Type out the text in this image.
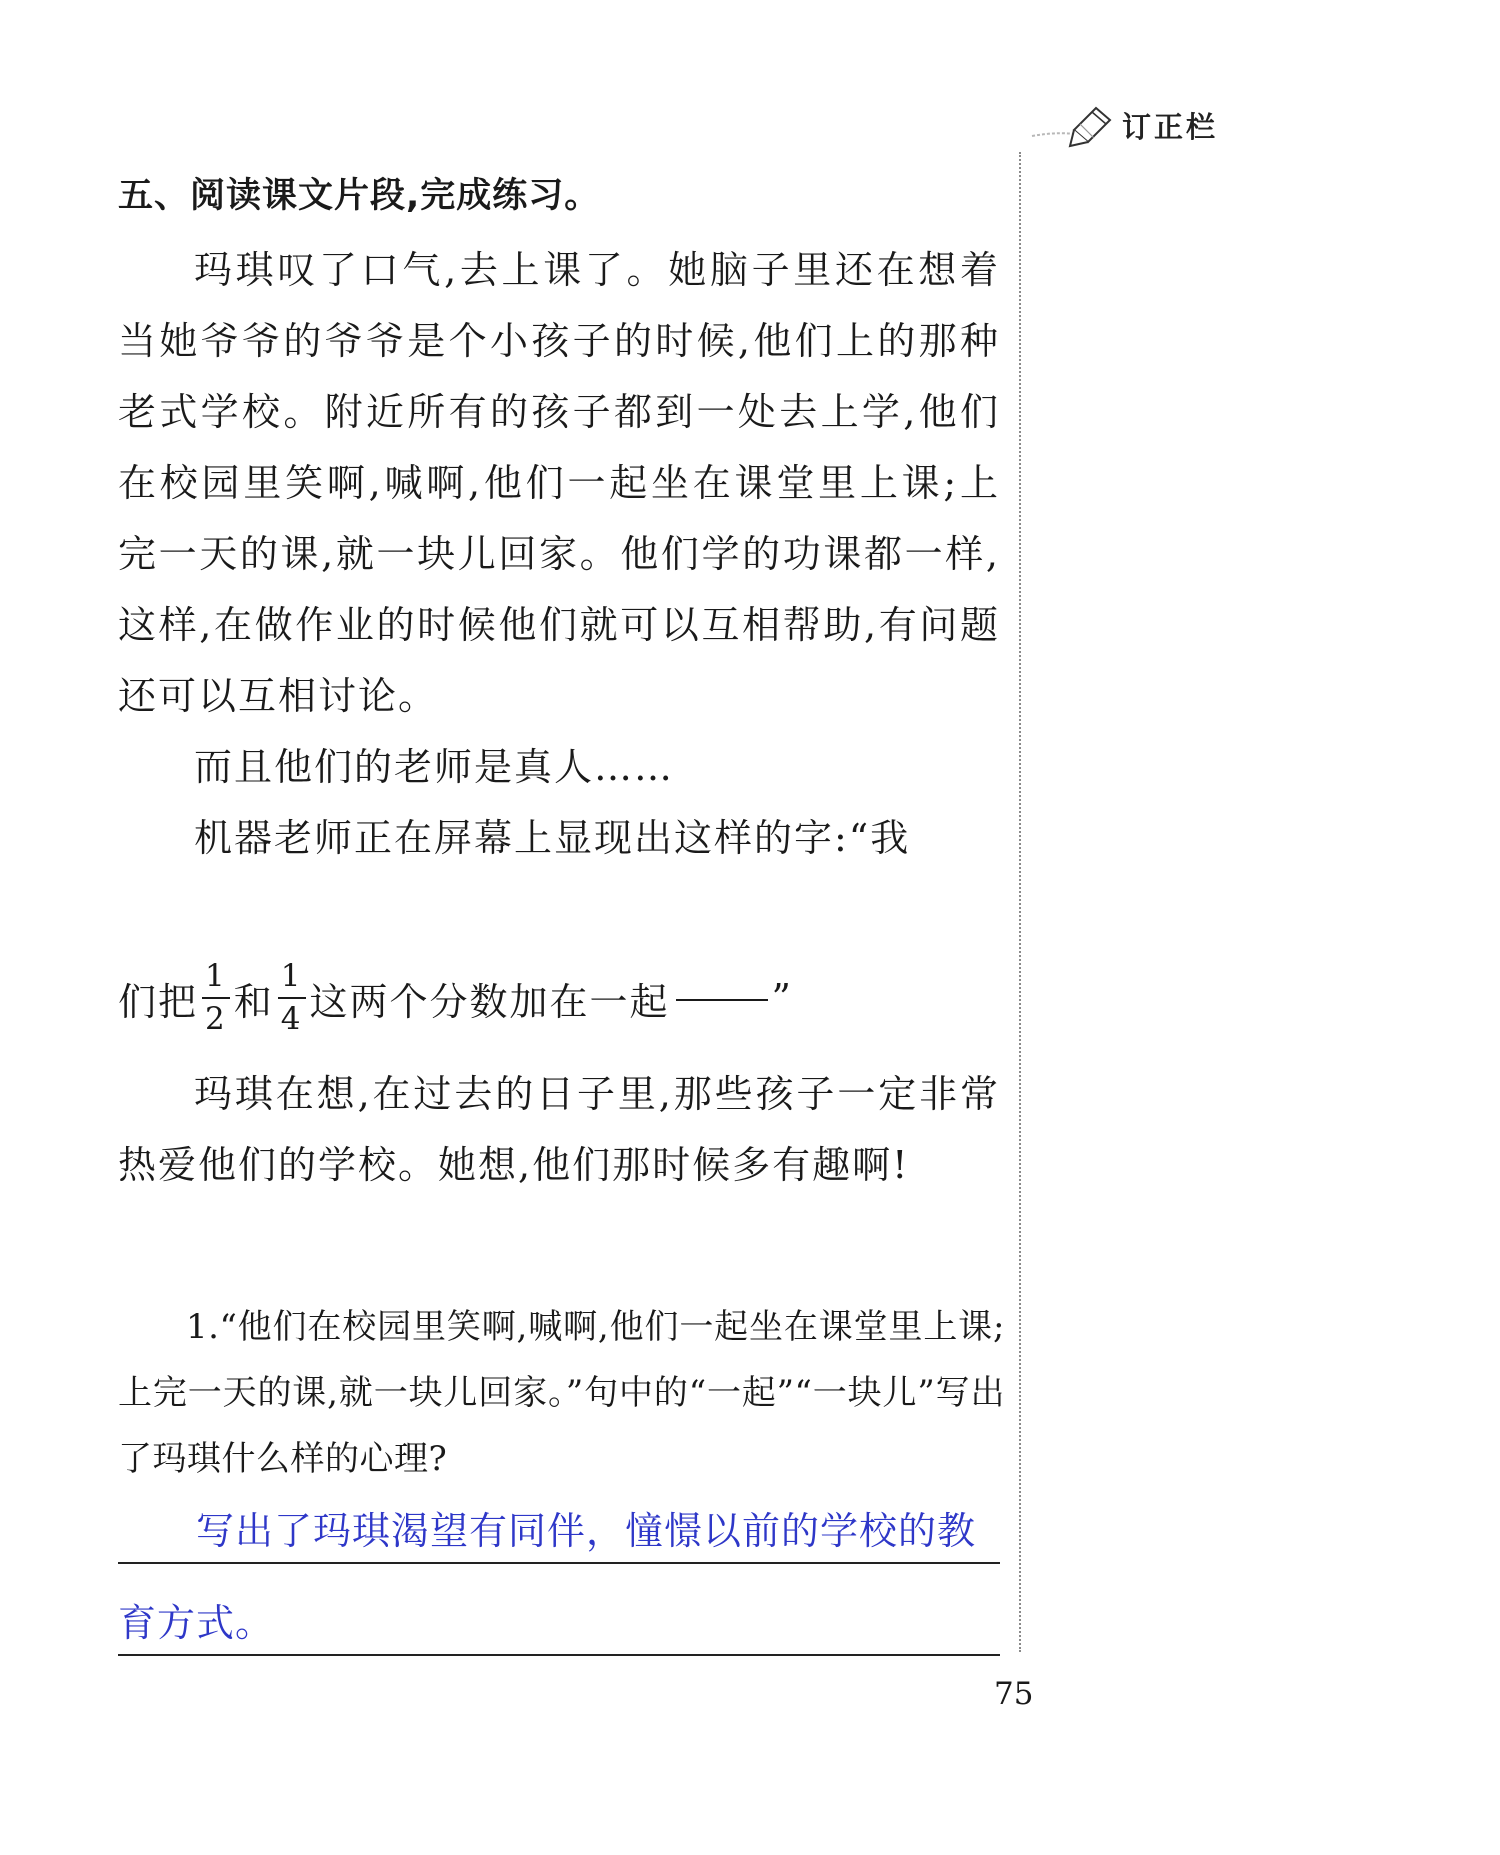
订正栏
五、阅读课文片段,完成练习。

玛琪叹了口气,去上课了。她脑子里还在想着当她爷爷的爷爷是个小孩子的时候,他们上的那种老式学校。附近所有的孩子都到一处去上学,他们在校园里笑啊,喊啊,他们一起坐在课堂里上课;上完一天的课,就一块儿回家。他们学的功课都一样,这样,在做作业的时候他们就可以互相帮助,有问题还可以互相讨论。

而且他们的老师是真人……

机器老师正在屏幕上显现出这样的字:“我

们把 $\frac{1}{2}$ 和 $\frac{1}{4}$ 这两个分数加在一起	”

玛琪在想,在过去的日子里,那些孩子一定非常热爱他们的学校。她想,他们那时候多有趣啊!

1.“他们在校园里笑啊,喊啊,他们一起坐在课堂里上课;上完一天的课,就一块儿回家。”句中的“一起”“一块儿”写出了玛琪什么样的心理?

写出了玛琪渴望有同伴，憧憬以前的学校的教
育方式。
75
